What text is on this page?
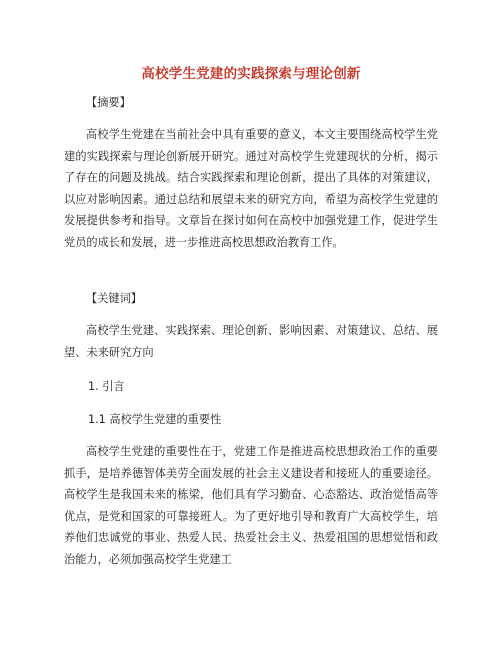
高校学生党建的实践探索与理论创新
【摘要】
高校学生党建在当前社会中具有重要的意义，本文主要围绕高校学生党建的实践探索与理论创新展开研究。通过对高校学生党建现状的分析，揭示了存在的问题及挑战。结合实践探索和理论创新，提出了具体的对策建议，以应对影响因素。通过总结和展望未来的研究方向，希望为高校学生党建的发展提供参考和指导。文章旨在探讨如何在高校中加强党建工作，促进学生党员的成长和发展，进一步推进高校思想政治教育工作。
【关键词】
高校学生党建、实践探索、理论创新、影响因素、对策建议、总结、展望、未来研究方向
1. 引言
1.1 高校学生党建的重要性
高校学生党建的重要性在于，党建工作是推进高校思想政治工作的重要抓手，是培养德智体美劳全面发展的社会主义建设者和接班人的重要途径。高校学生是我国未来的栋梁，他们具有学习勤奋、心态豁达、政治觉悟高等优点，是党和国家的可靠接班人。为了更好地引导和教育广大高校学生，培养他们忠诚党的事业、热爱人民、热爱社会主义、热爱祖国的思想觉悟和政治能力，必须加强高校学生党建工
